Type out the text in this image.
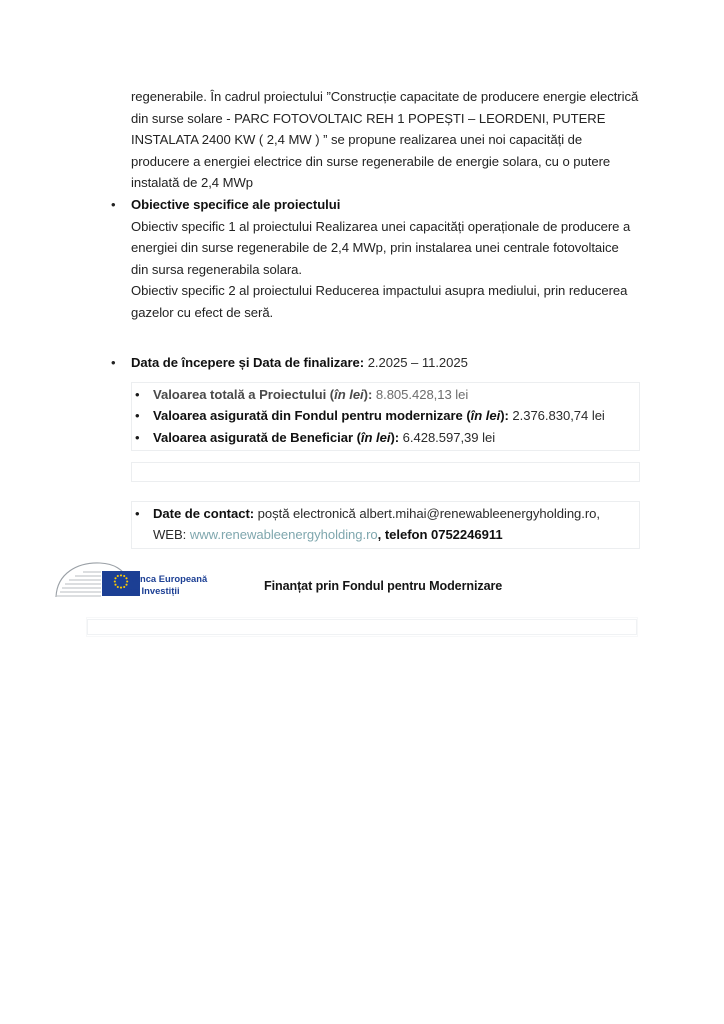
regenerabile. În cadrul proiectului ”Construcție capacitate de producere energie electrică din surse solare - PARC FOTOVOLTAIC REH 1 POPEȘTI – LEORDENI, PUTERE INSTALATA 2400 KW ( 2,4 MW ) ” se propune realizarea unei noi capacități de producere a energiei electrice din surse regenerabile de energie solara, cu o putere instalată de 2,4 MWp
• Obiective specifice ale proiectului
Obiectiv specific 1 al proiectului Realizarea unei capacități operaționale de producere a energiei din surse regenerabile de 2,4 MWp, prin instalarea unei centrale fotovoltaice din sursa regenerabila solara.
Obiectiv specific 2 al proiectului Reducerea impactului asupra mediului, prin reducerea gazelor cu efect de seră.
• Data de începere și Data de finalizare: 2.2025 – 11.2025
• Valoarea totală a Proiectului (în lei): 8.805.428,13 lei
• Valoarea asigurată din Fondul pentru modernizare (în lei): 2.376.830,74 lei
• Valoarea asigurată de Beneficiar (în lei): 6.428.597,39 lei

• Date de contact: poștă electronică albert.mihai@renewableenergyholding.ro, WEB: www.renewableenergyholding.ro, telefon 0752246911
Banca Europeană
de Investiții	Finanțat prin Fondul pentru Modernizare
